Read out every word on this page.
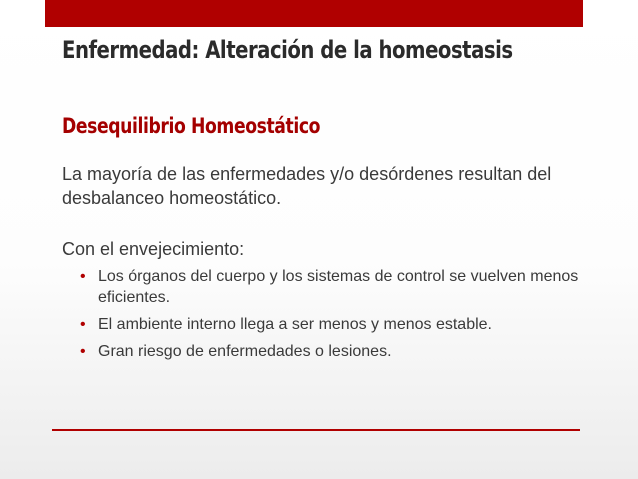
Enfermedad: Alteración de la homeostasis
Desequilibrio Homeostático

La mayoría de las enfermedades y/o desórdenes resultan del desbalanceo homeostático.

Con el envejecimiento:

• Los órganos del cuerpo y los sistemas de control se vuelven menos eficientes.
• El ambiente interno llega a ser menos y menos estable.
• Gran riesgo de enfermedades o lesiones.
